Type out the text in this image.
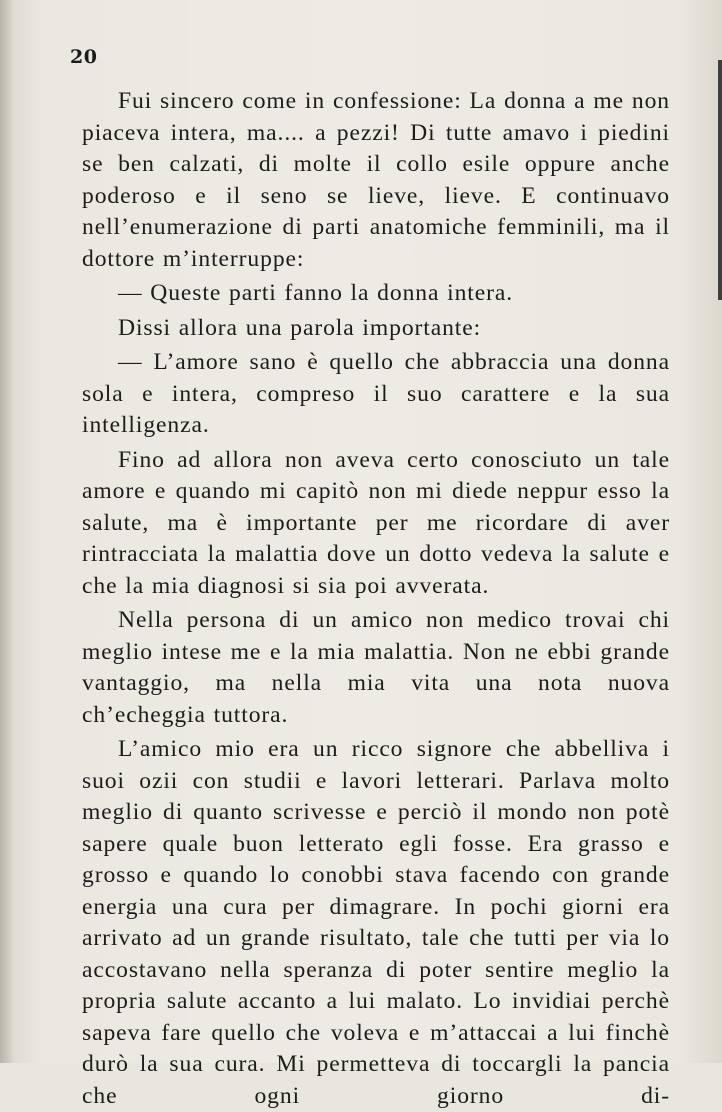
20

Fui sincero come in confessione: La donna a me non piaceva intera, ma.... a pezzi! Di tutte amavo i piedini se ben calzati, di molte il collo esile oppure anche poderoso e il seno se lieve, lieve. E continuavo nell’enumerazione di parti anatomiche femminili, ma il dottore m’interruppe:

— Queste parti fanno la donna intera.

Dissi allora una parola importante:

— L’amore sano è quello che abbraccia una donna sola e intera, compreso il suo carattere e la sua intelligenza.

Fino ad allora non aveva certo conosciuto un tale amore e quando mi capitò non mi diede neppur esso la salute, ma è importante per me ricordare di aver rintracciata la malattia dove un dotto vedeva la salute e che la mia diagnosi si sia poi avverata.

Nella persona di un amico non medico trovai chi meglio intese me e la mia malattia. Non ne ebbi grande vantaggio, ma nella mia vita una nota nuova ch’echeggia tuttora.

L’amico mio era un ricco signore che abbelliva i suoi ozii con studii e lavori letterari. Parlava molto meglio di quanto scrivesse e perciò il mondo non potè sapere quale buon letterato egli fosse. Era grasso e grosso e quando lo conobbi stava facendo con grande energia una cura per dimagrare. In pochi giorni era arrivato ad un grande risultato, tale che tutti per via lo accostavano nella speranza di poter sentire meglio la propria salute accanto a lui malato. Lo invidiai perchè sapeva fare quello che voleva e m’attaccai a lui finchè durò la sua cura. Mi permetteva di toccargli la pancia che ogni giorno di-
